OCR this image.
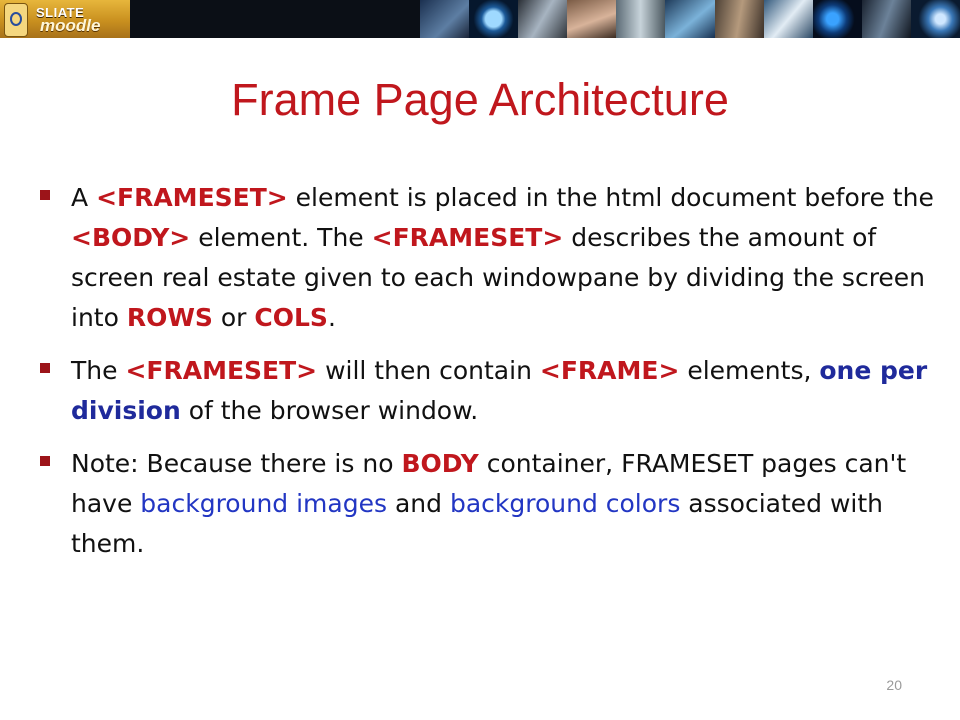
SLIATE
moodle
Frame Page Architecture
A <FRAMESET> element is placed in the html document before the <BODY> element. The <FRAMESET> describes the amount of screen real estate given to each windowpane by dividing the screen into ROWS or COLS.
The <FRAMESET> will then contain <FRAME> elements, one per division of the browser window.
Note: Because there is no BODY container, FRAMESET pages can't have background images and background colors associated with them.
20
